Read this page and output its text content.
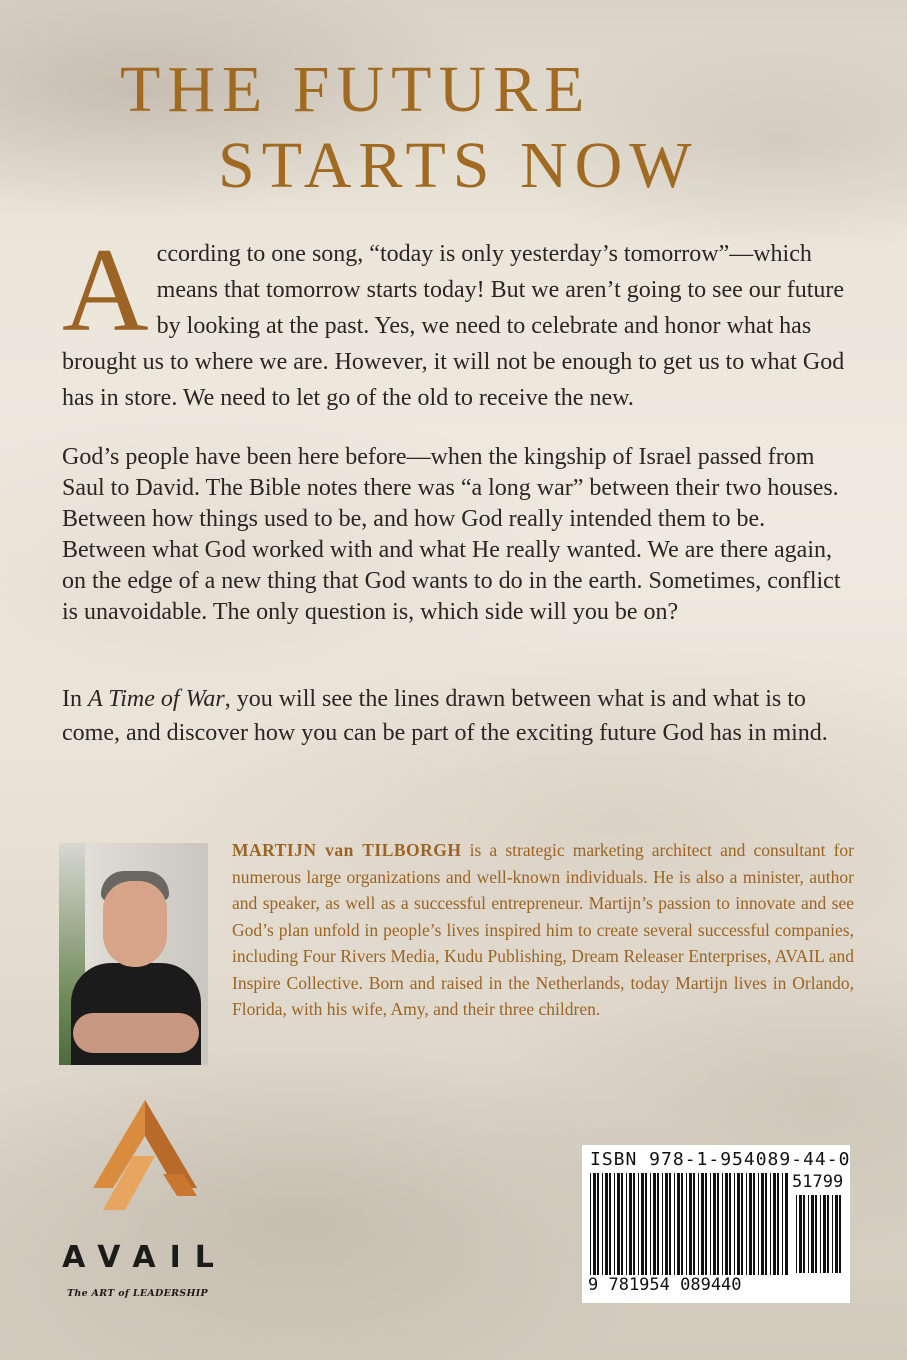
THE FUTURE
STARTS NOW
According to one song, “today is only yesterday’s tomorrow”—which means that tomorrow starts today! But we aren’t going to see our future by looking at the past. Yes, we need to celebrate and honor what has brought us to where we are. However, it will not be enough to get us to what God has in store. We need to let go of the old to receive the new.
God’s people have been here before—when the kingship of Israel passed from Saul to David. The Bible notes there was “a long war” between their two houses. Between how things used to be, and how God really intended them to be. Between what God worked with and what He really wanted. We are there again, on the edge of a new thing that God wants to do in the earth. Sometimes, conflict is unavoidable. The only question is, which side will you be on?
In A Time of War, you will see the lines drawn between what is and what is to come, and discover how you can be part of the exciting future God has in mind.
MARTIJN van TILBORGH is a strategic marketing architect and consultant for numerous large organizations and well-known individuals. He is also a minister, author and speaker, as well as a successful entrepreneur. Martijn’s passion to innovate and see God’s plan unfold in people’s lives inspired him to create several successful companies, including Four Rivers Media, Kudu Publishing, Dream Releaser Enterprises, AVAIL and Inspire Collective. Born and raised in the Netherlands, today Martijn lives in Orlando, Florida, with his wife, Amy, and their three children.
AVAIL
The ART of LEADERSHIP
ISBN 978-1-954089-44-0
51799
9 781954 089440
